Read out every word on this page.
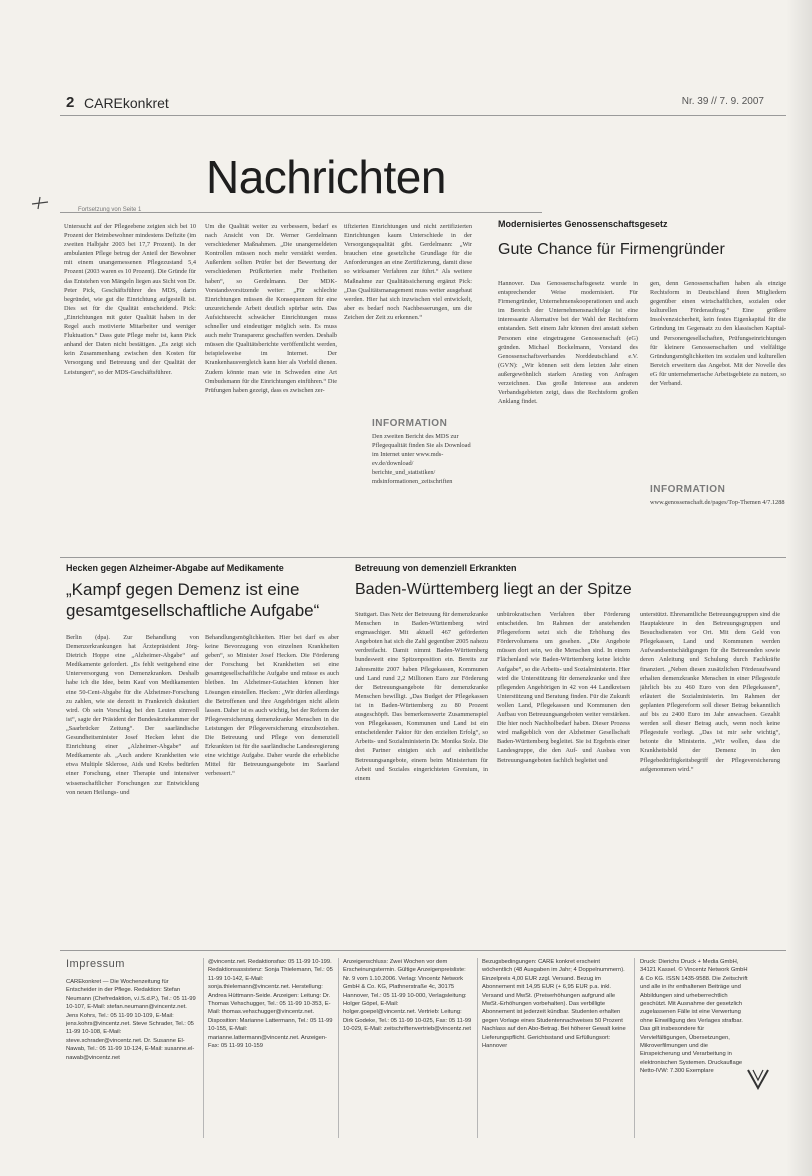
2 CAREkonkret	Nr. 39 // 7. 9. 2007
Nachrichten
Fortsetzung von Seite 1
Untersucht auf der Pflegeebene zeigten sich bei 10 Prozent der Heimbewohner mindestens Defizite (im zweiten Halbjahr 2003 bei 17,7 Prozent). In der ambulanten Pflege betrug der Anteil der Bewohner mit einem unangemessenen Pflegezustand 5,4 Prozent (2003 waren es 10 Prozent). Die Gründe für das Entstehen von Mängeln liegen aus Sicht von Dr. Peter Pick, Geschäftsführer des MDS, darin begründet, wie gut die Einrichtung aufgestellt ist. Dies sei für die Qualität entscheidend. Pick: „Einrichtungen mit guter Qualität haben in der Regel auch motivierte Mitarbeiter und weniger Fluktuation.“ Dass gute Pflege mehr ist, kann Pick anhand der Daten nicht bestätigen. „Es zeigt sich kein Zusammenhang zwischen den Kosten für Versorgung und Betreuung und der Qualität der Leistungen“, so der MDS-Geschäftsführer.
Um die Qualität weiter zu verbessern, bedarf es nach Ansicht von Dr. Werner Gerdelmann verschiedener Maßnahmen. „Die unangemeldeten Kontrollen müssen noch mehr verstärkt werden. Außerdem sollten Prüfer bei der Bewertung der verschiedenen Prüfkriterien mehr Freiheiten haben“, so Gerdelmann. Der MDK-Vorstandsvorsitzende weiter: „Für schlechte Einrichtungen müssen die Konsequenzen für eine unzureichende Arbeit deutlich spürbar sein. Das Aufsichtsrecht schwächer Einrichtungen muss schneller und eindeutiger möglich sein. Es muss auch mehr Transparenz geschaffen werden. Deshalb müssen die Qualitätsberichte veröffentlicht werden, beispielsweise im Internet. Der Krankenhausvergleich kann hier als Vorbild dienen. Zudem könnte man wie in Schweden eine Art Ombudsmann für die Einrichtungen einführen.“ Die Prüfungen haben gezeigt, dass es zwischen zer-
tifizierten Einrichtungen und nicht zertifizierten Einrichtungen kaum Unterschiede in der Versorgungsqualität gibt. Gerdelmann: „Wir brauchen eine gesetzliche Grundlage für die Anforderungen an eine Zertifizierung, damit diese so wirksamer Verfahren zur führt.“ Als weitere Maßnahme zur Qualitätssicherung ergänzt Pick: „Das Qualitätsmanagement muss weiter ausgebaut werden. Hier hat sich inzwischen viel entwickelt, aber es bedarf noch Nachbesserungen, um die Zeichen der Zeit zu erkennen.“
INFORMATION
Den zweiten Bericht des MDS zur Pflegequalität finden Sie als Download im Internet unter www.mds-ev.de/download/ berichte_und_statistiken/ mdsinformationen_zeitschriften
Modernisiertes Genossenschaftsgesetz
Gute Chance für Firmengründer
Hannover. Das Genossenschaftsgesetz wurde in entsprechender Weise modernisiert. Für Firmengründer, Unternehmenskooperationen und auch im Bereich der Unternehmensnachfolge ist eine interessante Alternative bei der Wahl der Rechtsform entstanden. Seit einem Jahr können drei anstatt sieben Personen eine eingetragene Genossenschaft (eG) gründen. Michael Bockelmann, Vorstand des Genossenschaftsverbandes Norddeutschland e.V. (GVN): „Wir können seit dem letzten Jahr einen außergewöhnlich starken Anstieg von Anfragen verzeichnen. Das große Interesse aus anderen Verbandsgebieten zeigt, dass die Rechtsform großen Anklang findet.
gen, denn Genossenschaften haben als einzige Rechtsform in Deutschland ihren Mitgliedern gegenüber einen wirtschaftlichen, sozialen oder kulturellen Förderauftrag.“ Eine größere Insolvenzsicherheit, kein festes Eigenkapital für die Gründung im Gegensatz zu den klassischen Kapital- und Personengesellschaften, Prüfungseinrichtungen für kleinere Genossenschaften und vielfältige Gründungsmöglichkeiten im sozialen und kulturellen Bereich erweitern das Angebot. Mit der Novelle des eG für unternehmerische Arbeitsgebiete zu nutzen, so der Verband.
INFORMATION
www.genossenschaft.de/pages/Top-Themen 4/7.1288
Hecken gegen Alzheimer-Abgabe auf Medikamente
„Kampf gegen Demenz ist eine gesamtgesellschaftliche Aufgabe“
Berlin (dpa). Zur Behandlung von Demenzerkrankungen hat Ärztepräsident Jörg-Dietrich Hoppe eine „Alzheimer-Abgabe“ auf Medikamente gefordert. „Es fehlt weitgehend eine Unterversorgung von Demenzkranken. Deshalb habe ich die Idee, beim Kauf von Medikamenten eine 50-Cent-Abgabe für die Alzheimer-Forschung zu zahlen, wie sie derzeit in Frankreich diskutiert wird. Ob sein Vorschlag bei den Leuten sinnvoll ist“, sagte der Präsident der Bundesärztekammer der „Saarbrücker Zeitung“. Der saarländische Gesundheitsminister Josef Hecken lehnt die Einrichtung einer „Alzheimer-Abgabe“ auf Medikamente ab. „Auch andere Krankheiten wie etwa Multiple Sklerose, Aids und Krebs bedürfen einer Forschung, einer Therapie und intensiver wissenschaftlicher Forschungen zur Entwicklung von neuen Heilungs- und
Behandlungsmöglichkeiten. Hier bei darf es aber keine Bevorzugung von einzelnen Krankheiten geben“, so Minister Josef Hecken. Die Förderung der Forschung bei Krankheiten sei eine gesamtgesellschaftliche Aufgabe und müsse es auch bleiben. Im Alzheimer-Gutachten können hier Lösungen einstellen. Hecken: „Wir dürfen allerdings die Betroffenen und ihre Angehörigen nicht allein lassen. Daher ist es auch wichtig, bei der Reform der Pflegeversicherung demenzkranke Menschen in die Leistungen der Pflegeversicherung einzubeziehen. Die Betreuung und Pflege von demenziell Erkrankten ist für die saarländische Landesregierung eine wichtige Aufgabe. Daher wurde die erhebliche Mittel für Betreuungsangebote im Saarland verbessert.“
Betreuung von demenziell Erkrankten
Baden-Württemberg liegt an der Spitze
Stuttgart. Das Netz der Betreuung für demenzkranke Menschen in Baden-Württemberg wird engmaschiger. Mit aktuell 467 geförderten Angeboten hat sich die Zahl gegenüber 2005 nahezu verdreifacht. Damit nimmt Baden-Württemberg bundesweit eine Spitzenposition ein. Bereits zur Jahresmitte 2007 haben Pflegekassen, Kommunen und Land rund 2,2 Millionen Euro zur Förderung der Betreuungsangebote für demenzkranke Menschen bewilligt. „Das Budget der Pflegekassen ist in Baden-Württemberg zu 80 Prozent ausgeschöpft. Das bemerkenswerte Zusammenspiel von Pflegekassen, Kommunen und Land ist ein entscheidender Faktor für den erzielten Erfolg“, so Arbeits- und Sozialministerin Dr. Monika Stolz. Die drei Partner einigten sich auf einheitliche Betreuungsangebote, einem beim Ministerium für Arbeit und Soziales eingerichteten Gremium, in einem
unbürokratischen Verfahren über Förderung entscheiden. Im Rahmen der anstehenden Pflegereform setzt sich die Erhöhung des Fördervolumens um gesehen. „Die Angebote müssen dort sein, wo die Menschen sind. In einem Flächenland wie Baden-Württemberg keine leichte Aufgabe“, so die Arbeits- und Sozialministerin. Hier wird die Unterstützung für demenzkranke und ihre pflegenden Angehörigen in 42 von 44 Landkreisen Unterstützung und Beratung finden. Für die Zukunft wollen Land, Pflegekassen und Kommunen den Aufbau von Betreuungsangeboten weiter verstärken. Die hier noch Nachholbedarf haben. Dieser Prozess wird maßgeblich von der Alzheimer Gesellschaft Baden-Württemberg begleitet. Sie ist Ergebnis einer Landesgruppe, die den Auf- und Ausbau von Betreuungsangeboten fachlich begleitet und
unterstützt. Ehrenamtliche Betreuungsgruppen sind die Hauptakteure in den Betreuungsgruppen und Besuchsdiensten vor Ort. Mit dem Geld von Pflegekassen, Land und Kommunen werden Aufwandsentschädigungen für die Betreuenden sowie deren Anleitung und Schulung durch Fachkräfte finanziert. „Neben diesen zusätzlichen Förderaufwand erhalten demenzkranke Menschen in einer Pflegestufe jährlich bis zu 460 Euro von den Pflegekassen“, erläutert die Sozialministerin. Im Rahmen der geplanten Pflegereform soll dieser Betrag bekanntlich auf bis zu 2400 Euro im Jahr anwachsen. Gezahlt werden soll dieser Betrag auch, wenn noch keine Pflegestufe vorliegt. „Das ist mir sehr wichtig“, betonte die Ministerin. „Wir wollen, dass die Krankheitsbild der Demenz in den Pflegebedürftigkeitsbegriff der Pflegeversicherung aufgenommen wird.“
Impressum
CAREkonkret — Die Wochenzeitung für Entscheider in der Pflege. Redaktion: Stefan Neumann (Chefredaktion, v.i.S.d.P.), Tel.: 05 11-99 10-107, E-Mail: stefan.neumann@vincentz.net. Jens Kohrs, Tel.: 05 11-99 10-109, E-Mail: jens.kohrs@vincentz.net. Steve Schrader, Tel.: 05 11-99 10-108, E-Mail: steve.schrader@vincentz.net. Dr. Susanne El-Nawab, Tel.: 05 11-99 10-124, E-Mail: susanne.el-nawab@vincentz.net
@vincentz.net. Redaktionsfax: 05 11-99 10-199. Redaktionsassistenz: Sonja Thielemann, Tel.: 05 11-99 10-142, E-Mail: sonja.thielemann@vincentz.net. Herstellung: Andrea Hüttmann-Seide. Anzeigen: Leitung: Dr. Thomas Vehschugger, Tel.: 05 11-99 10-353, E-Mail: thomas.vehschugger@vincentz.net. Disposition: Marianne Lattermann, Tel.: 05 11-99 10-155, E-Mail: marianne.lattermann@vincentz.net. Anzeigen-Fax: 05 11-99 10-159
Anzeigenschluss: Zwei Wochen vor dem Erscheinungstermin. Gültige Anzeigenpreisliste: Nr. 9 vom 1.10.2006. Verlag: Vincentz Network GmbH & Co. KG, Plathnerstraße 4c, 30175 Hannover, Tel.: 05 11-99 10-000, Verlagsleitung: Holger Göpel, E-Mail: holger.goepel@vincentz.net. Vertrieb: Leitung: Dirk Godeke, Tel.: 05 11-99 10-025, Fax: 05 11-99 10-029, E-Mail: zeitschriftenvertrieb@vincentz.net
Bezugsbedingungen: CARE konkret erscheint wöchentlich (48 Ausgaben im Jahr; 4 Doppelnummern). Einzelpreis 4,00 EUR zzgl. Versand. Bezug im Abonnement mit 14,95 EUR (+ 6,95 EUR p.a. inkl. Versand und MwSt. (Preiserhöhungen aufgrund alle MwSt.-Erhöhungen vorbehalten). Das verbilligte Abonnement ist jederzeit kündbar. Studenten erhalten gegen Vorlage eines Studentennachweises 50 Prozent Nachlass auf den Abo-Betrag. Bei höherer Gewalt keine Lieferungspflicht. Gerichtsstand und Erfüllungsort: Hannover
Druck: Dierichs Druck + Media GmbH, 34121 Kassel. © Vincentz Network GmbH & Co KG. ISSN 1435-9588. Die Zeitschrift und alle in ihr enthaltenen Beiträge und Abbildungen sind urheberrechtlich geschützt. Mit Ausnahme der gesetzlich zugelassenen Fälle ist eine Verwertung ohne Einwilligung des Verlages strafbar. Das gilt insbesondere für Vervielfältigungen, Übersetzungen, Mikroverfilmungen und die Einspeicherung und Verarbeitung in elektronischen Systemen. Druckauflage Netto-IVW: 7.300 Exemplare
